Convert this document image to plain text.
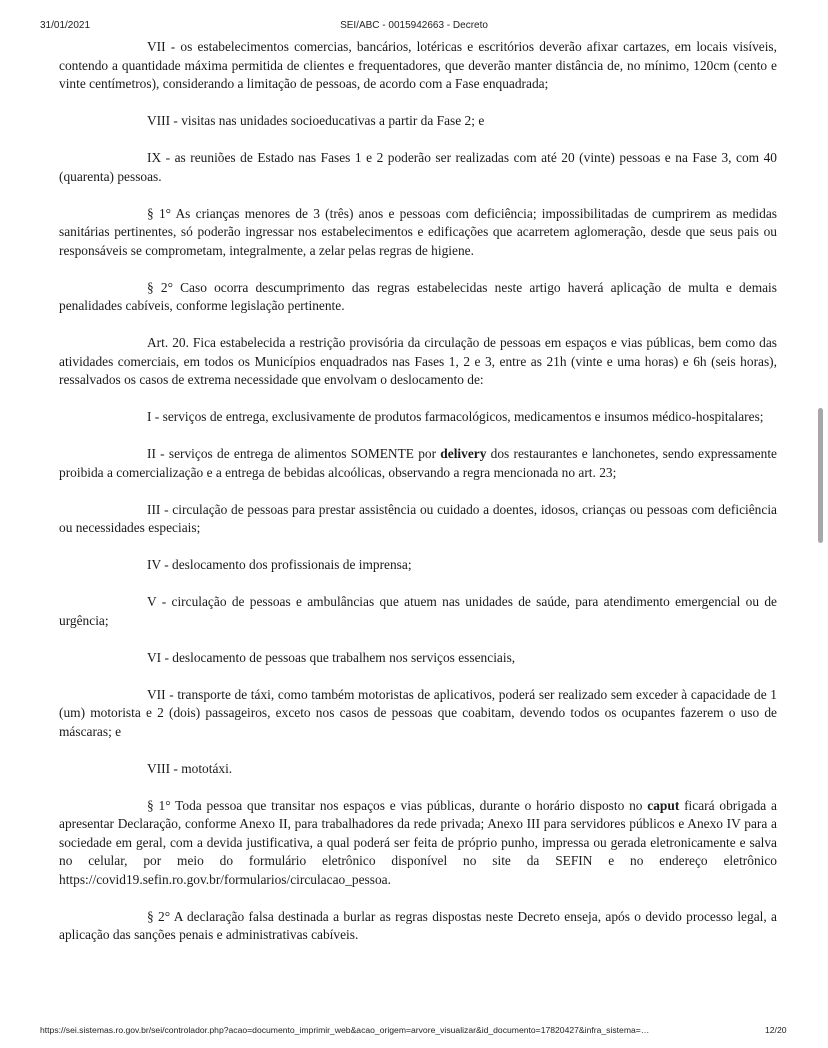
SEI/ABC - 0015942663 - Decreto
31/01/2021

VII - os estabelecimentos comercias, bancários, lotéricas e escritórios deverão afixar cartazes, em locais visíveis, contendo a quantidade máxima permitida de clientes e frequentadores, que deverão manter distância de, no mínimo, 120cm (cento e vinte centímetros), considerando a limitação de pessoas, de acordo com a Fase enquadrada;

VIII - visitas nas unidades socioeducativas a partir da Fase 2; e

IX - as reuniões de Estado nas Fases 1 e 2 poderão ser realizadas com até 20 (vinte) pessoas e na Fase 3, com 40 (quarenta) pessoas.

§ 1° As crianças menores de 3 (três) anos e pessoas com deficiência; impossibilitadas de cumprirem as medidas sanitárias pertinentes, só poderão ingressar nos estabelecimentos e edificações que acarretem aglomeração, desde que seus pais ou responsáveis se comprometam, integralmente, a zelar pelas regras de higiene.

§ 2° Caso ocorra descumprimento das regras estabelecidas neste artigo haverá aplicação de multa e demais penalidades cabíveis, conforme legislação pertinente.

Art. 20. Fica estabelecida a restrição provisória da circulação de pessoas em espaços e vias públicas, bem como das atividades comerciais, em todos os Municípios enquadrados nas Fases 1, 2 e 3, entre as 21h (vinte e uma horas) e 6h (seis horas), ressalvados os casos de extrema necessidade que envolvam o deslocamento de:

I - serviços de entrega, exclusivamente de produtos farmacológicos, medicamentos e insumos médico-hospitalares;

II - serviços de entrega de alimentos SOMENTE por delivery dos restaurantes e lanchonetes, sendo expressamente proibida a comercialização e a entrega de bebidas alcoólicas, observando a regra mencionada no art. 23;

III - circulação de pessoas para prestar assistência ou cuidado a doentes, idosos, crianças ou pessoas com deficiência ou necessidades especiais;

IV - deslocamento dos profissionais de imprensa;

V - circulação de pessoas e ambulâncias que atuem nas unidades de saúde, para atendimento emergencial ou de urgência;

VI - deslocamento de pessoas que trabalhem nos serviços essenciais,

VII - transporte de táxi, como também motoristas de aplicativos, poderá ser realizado sem exceder à capacidade de 1 (um) motorista e 2 (dois) passageiros, exceto nos casos de pessoas que coabitam, devendo todos os ocupantes fazerem o uso de máscaras; e

VIII - mototáxi.

§ 1° Toda pessoa que transitar nos espaços e vias públicas, durante o horário disposto no caput ficará obrigada a apresentar Declaração, conforme Anexo II, para trabalhadores da rede privada; Anexo III para servidores públicos e Anexo IV para a sociedade em geral, com a devida justificativa, a qual poderá ser feita de próprio punho, impressa ou gerada eletronicamente e salva no celular, por meio do formulário eletrônico disponível no site da SEFIN e no endereço eletrônico https://covid19.sefin.ro.gov.br/formularios/circulacao_pessoa.

§ 2° A declaração falsa destinada a burlar as regras dispostas neste Decreto enseja, após o devido processo legal, a aplicação das sanções penais e administrativas cabíveis.

https://sei.sistemas.ro.gov.br/sei/controlador.php?acao=documento_imprimir_web&acao_origem=arvore_visualizar&id_documento=17820427&infra_sistema=…	12/20
